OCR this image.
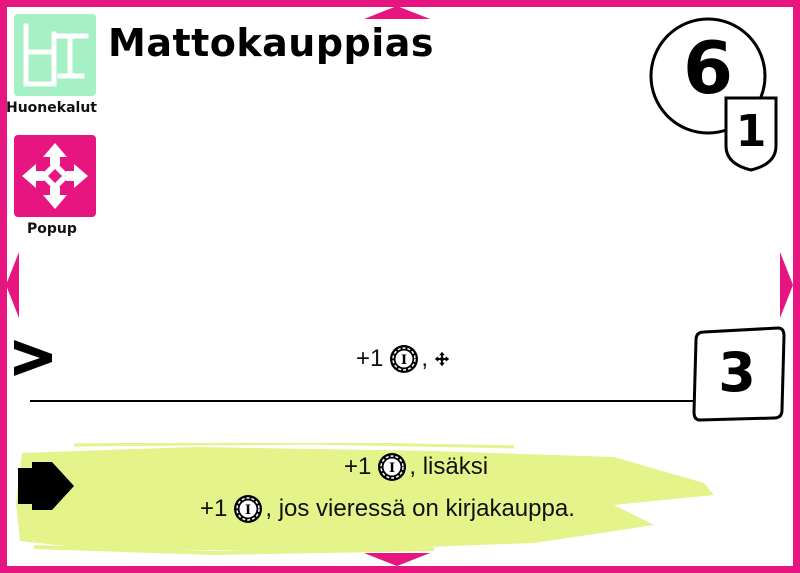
Huonekalut
Popup
Mattokauppias	6
1
+1 I ,	3
+1 I , lisäksi
+1 I , jos vieressä on kirjakauppa.
